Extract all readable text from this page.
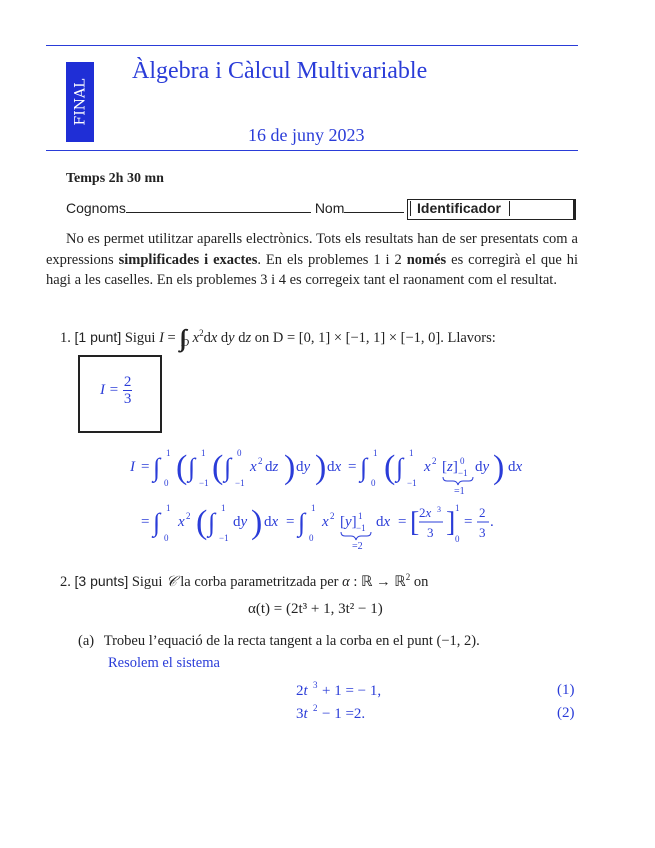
FINAL
Àlgebra i Càlcul Multivariable
16 de juny 2023
Temps 2h 30 mn
Cognoms	Nom	Identificador
No es permet utilitzar aparells electrònics. Tots els resultats han de ser presentats com a expressions simplificades i exactes. En els problemes 1 i 2 només es corregirà el que hi hagi a les caselles. En els problemes 3 i 4 es corregeix tant el raonament com el resultat.
1. [1 punt] Sigui $I = \int\int\int_D$ $x^2dx$ dy dz on D = [0, 1] × [−1, 1] × [−1, 0]. Llavors:
$I = \frac{2}{3}$
I = ∫ 1
0 ( ∫ 1
−1 ( ∫ 0
−1
x 2 dz ) dy ) dx = ∫ 1
0 ( ∫ 1
−1
x 2 [z] 0
−1
=1
dy ) dx
= ∫ 1
0
x 2 ( ∫ 1
−1
dy ) dx = ∫ 1
0
x 2 [y] 1
−1
=2
dx = [ 2x 3
3 ] 1
0
=
2
3
.
2. [3 punts] Sigui 𝒞 la corba parametritzada per α : ℝ → ℝ$^2$ on
α(t) = (2t³ + 1, 3t² − 1)
(a) Trobeu l’equació de la recta tangent a la corba en el punt (−1, 2).
Resolem el sistema
2t 3 + 1 = − 1,
3t 2 − 1 =2.
(1)
(2)
